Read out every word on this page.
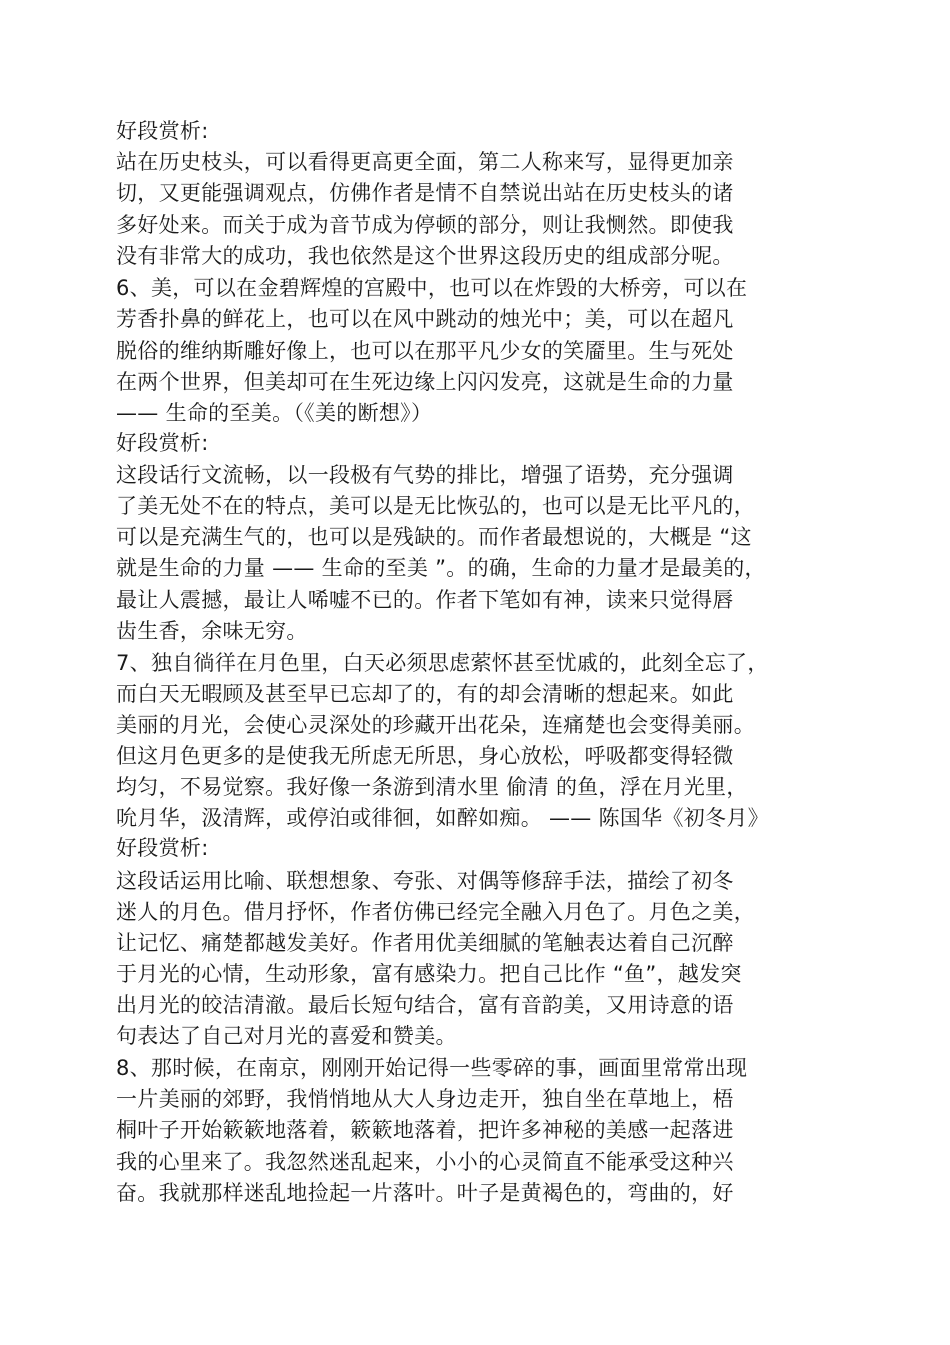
好段赏析:
站在历史枝头，可以看得更高更全面，第二人称来写，显得更加亲
切，又更能强调观点，仿佛作者是情不自禁说出站在历史枝头的诸
多好处来。而关于成为音节成为停顿的部分，则让我恻然。即使我
没有非常大的成功，我也依然是这个世界这段历史的组成部分呢。
6、美，可以在金碧辉煌的宫殿中，也可以在炸毁的大桥旁，可以在
芳香扑鼻的鲜花上，也可以在风中跳动的烛光中；美，可以在超凡
脱俗的维纳斯雕好像上，也可以在那平凡少女的笑靥里。生与死处
在两个世界，但美却可在生死边缘上闪闪发亮，这就是生命的力量
—— 生命的至美。（《美的断想》）
好段赏析:
这段话行文流畅，以一段极有气势的排比，增强了语势，充分强调
了美无处不在的特点，美可以是无比恢弘的，也可以是无比平凡的，
可以是充满生气的，也可以是残缺的。而作者最想说的，大概是 “这
就是生命的力量 —— 生命的至美 ”。的确，生命的力量才是最美的，
最让人震撼，最让人唏嘘不已的。作者下笔如有神，读来只觉得唇
齿生香，余味无穷。
7、独自徜徉在月色里，白天必须思虑萦怀甚至忧戚的，此刻全忘了，
而白天无暇顾及甚至早已忘却了的，有的却会清晰的想起来。如此
美丽的月光，会使心灵深处的珍藏开出花朵，连痛楚也会变得美丽。
但这月色更多的是使我无所虑无所思，身心放松，呼吸都变得轻微
均匀，不易觉察。我好像一条游到清水里 偷清 的鱼，浮在月光里，
吮月华，汲清辉，或停泊或徘徊，如醉如痴。 —— 陈国华《初冬月》
好段赏析:
这段话运用比喻、联想想象、夸张、对偶等修辞手法，描绘了初冬
迷人的月色。借月抒怀，作者仿佛已经完全融入月色了。月色之美，
让记忆、痛楚都越发美好。作者用优美细腻的笔触表达着自己沉醉
于月光的心情，生动形象，富有感染力。把自己比作 “鱼”，越发突
出月光的皎洁清澈。最后长短句结合，富有音韵美，又用诗意的语
句表达了自己对月光的喜爱和赞美。
8、那时候，在南京，刚刚开始记得一些零碎的事，画面里常常出现
一片美丽的郊野，我悄悄地从大人身边走开，独自坐在草地上，梧
桐叶子开始簌簌地落着，簌簌地落着，把许多神秘的美感一起落进
我的心里来了。我忽然迷乱起来，小小的心灵简直不能承受这种兴
奋。我就那样迷乱地捡起一片落叶。叶子是黄褐色的，弯曲的，好
